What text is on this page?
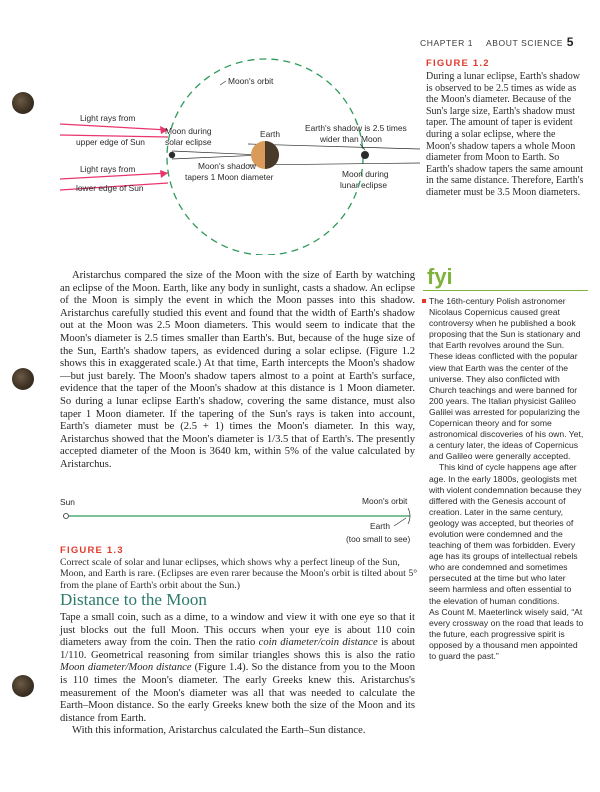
CHAPTER 1 ABOUT SCIENCE 5
Moon's orbit
Light rays from
upper edge of Sun
Light rays from
lower edge of Sun
Moon during
solar eclipse
Earth
Earth's shadow is 2.5 times
wider than Moon
Moon's shadow
tapers 1 Moon diameter	Moon during
lunar eclipse
FIGURE 1.2
During a lunar eclipse, Earth's shadow is observed to be 2.5 times as wide as the Moon's diameter. Because of the Sun's large size, Earth's shadow must taper. The amount of taper is evident during a solar eclipse, where the Moon's shadow tapers a whole Moon diameter from Moon to Earth. So Earth's shadow tapers the same amount in the same distance. Therefore, Earth's diameter must be 3.5 Moon diameters.
Aristarchus compared the size of the Moon with the size of Earth by watching an eclipse of the Moon. Earth, like any body in sunlight, casts a shadow. An eclipse of the Moon is simply the event in which the Moon passes into this shadow. Aristarchus carefully studied this event and found that the width of Earth's shadow out at the Moon was 2.5 Moon diameters. This would seem to indicate that the Moon's diameter is 2.5 times smaller than Earth's. But, because of the huge size of the Sun, Earth's shadow tapers, as evidenced during a solar eclipse. (Figure 1.2 shows this in exaggerated scale.) At that time, Earth intercepts the Moon's shadow—but just barely. The Moon's shadow tapers almost to a point at Earth's surface, evidence that the taper of the Moon's shadow at this distance is 1 Moon diameter. So during a lunar eclipse Earth's shadow, covering the same distance, must also taper 1 Moon diameter. If the tapering of the Sun's rays is taken into account, Earth's diameter must be (2.5 + 1) times the Moon's diameter. In this way, Aristarchus showed that the Moon's diameter is 1/3.5 that of Earth's. The presently accepted diameter of the Moon is 3640 km, within 5% of the value calculated by Aristarchus.
Sun	Moon's orbit
Earth
(too small to see)
FIGURE 1.3
Correct scale of solar and lunar eclipses, which shows why a perfect lineup of the Sun, Moon, and Earth is rare. (Eclipses are even rarer because the Moon's orbit is tilted about 5° from the plane of Earth's orbit about the Sun.)
Distance to the Moon

Tape a small coin, such as a dime, to a window and view it with one eye so that it just blocks out the full Moon. This occurs when your eye is about 110 coin diameters away from the coin. Then the ratio coin diameter/coin distance is about 1/110. Geometrical reasoning from similar triangles shows this is also the ratio Moon diameter/Moon distance (Figure 1.4). So the distance from you to the Moon is 110 times the Moon's diameter. The early Greeks knew this. Aristarchus's measurement of the Moon's diameter was all that was needed to calculate the Earth–Moon distance. So the early Greeks knew both the size of the Moon and its distance from Earth.

With this information, Aristarchus calculated the Earth–Sun distance.

fyi

The 16th-century Polish astronomer Nicolaus Copernicus caused great controversy when he published a book proposing that the Sun is stationary and that Earth revolves around the Sun. These ideas conflicted with the popular view that Earth was the center of the universe. They also conflicted with Church teachings and were banned for 200 years. The Italian physicist Galileo Galilei was arrested for popularizing the Copernican theory and for some astronomical discoveries of his own. Yet, a century later, the ideas of Copernicus and Galileo were generally accepted.

This kind of cycle happens age after age. In the early 1800s, geologists met with violent condemnation because they differed with the Genesis account of creation. Later in the same century, geology was accepted, but theories of evolution were condemned and the teaching of them was forbidden. Every age has its groups of intellectual rebels who are condemned and sometimes persecuted at the time but who later seem harmless and often essential to the elevation of human conditions.

As Count M. Maeterlinck wisely said, “At every crossway on the road that leads to the future, each progressive spirit is opposed by a thousand men appointed to guard the past.”
